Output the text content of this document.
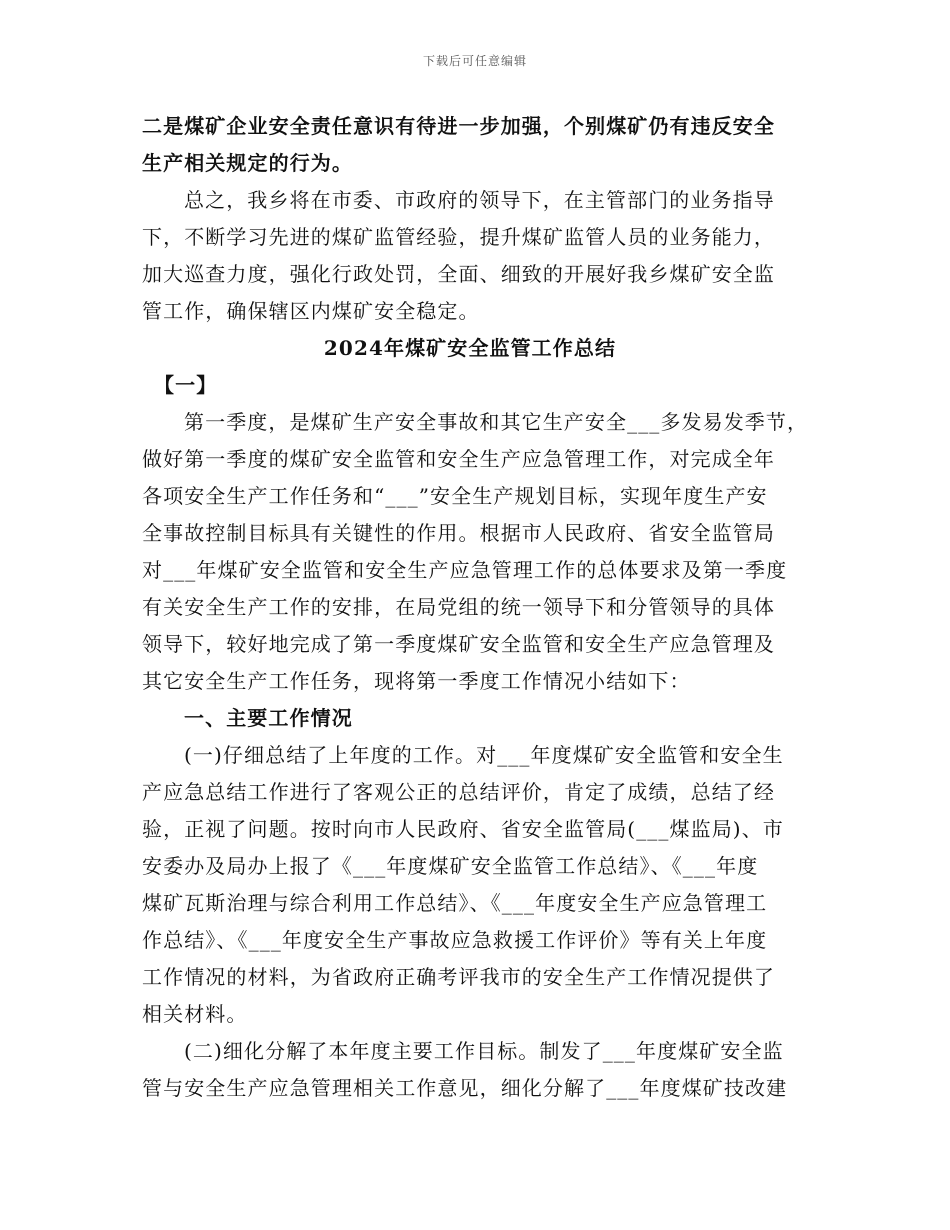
下载后可任意编辑
二是煤矿企业安全责任意识有待进一步加强，个别煤矿仍有违反安全
生产相关规定的行为。
总之，我乡将在市委、市政府的领导下，在主管部门的业务指导
下，不断学习先进的煤矿监管经验，提升煤矿监管人员的业务能力，
加大巡查力度，强化行政处罚，全面、细致的开展好我乡煤矿安全监
管工作，确保辖区内煤矿安全稳定。
2024年煤矿安全监管工作总结
【一】
第一季度，是煤矿生产安全事故和其它生产安全___多发易发季节，
做好第一季度的煤矿安全监管和安全生产应急管理工作，对完成全年
各项安全生产工作任务和“___”安全生产规划目标，实现年度生产安
全事故控制目标具有关键性的作用。根据市人民政府、省安全监管局
对___年煤矿安全监管和安全生产应急管理工作的总体要求及第一季度
有关安全生产工作的安排，在局党组的统一领导下和分管领导的具体
领导下，较好地完成了第一季度煤矿安全监管和安全生产应急管理及
其它安全生产工作任务，现将第一季度工作情况小结如下：
一、主要工作情况
(一)仔细总结了上年度的工作。对___年度煤矿安全监管和安全生
产应急总结工作进行了客观公正的总结评价，肯定了成绩，总结了经
验，正视了问题。按时向市人民政府、省安全监管局(___煤监局)、市
安委办及局办上报了《___年度煤矿安全监管工作总结》、《___年度
煤矿瓦斯治理与综合利用工作总结》、《___年度安全生产应急管理工
作总结》、《___年度安全生产事故应急救援工作评价》等有关上年度
工作情况的材料，为省政府正确考评我市的安全生产工作情况提供了
相关材料。
(二)细化分解了本年度主要工作目标。制发了___年度煤矿安全监
管与安全生产应急管理相关工作意见，细化分解了___年度煤矿技改建
